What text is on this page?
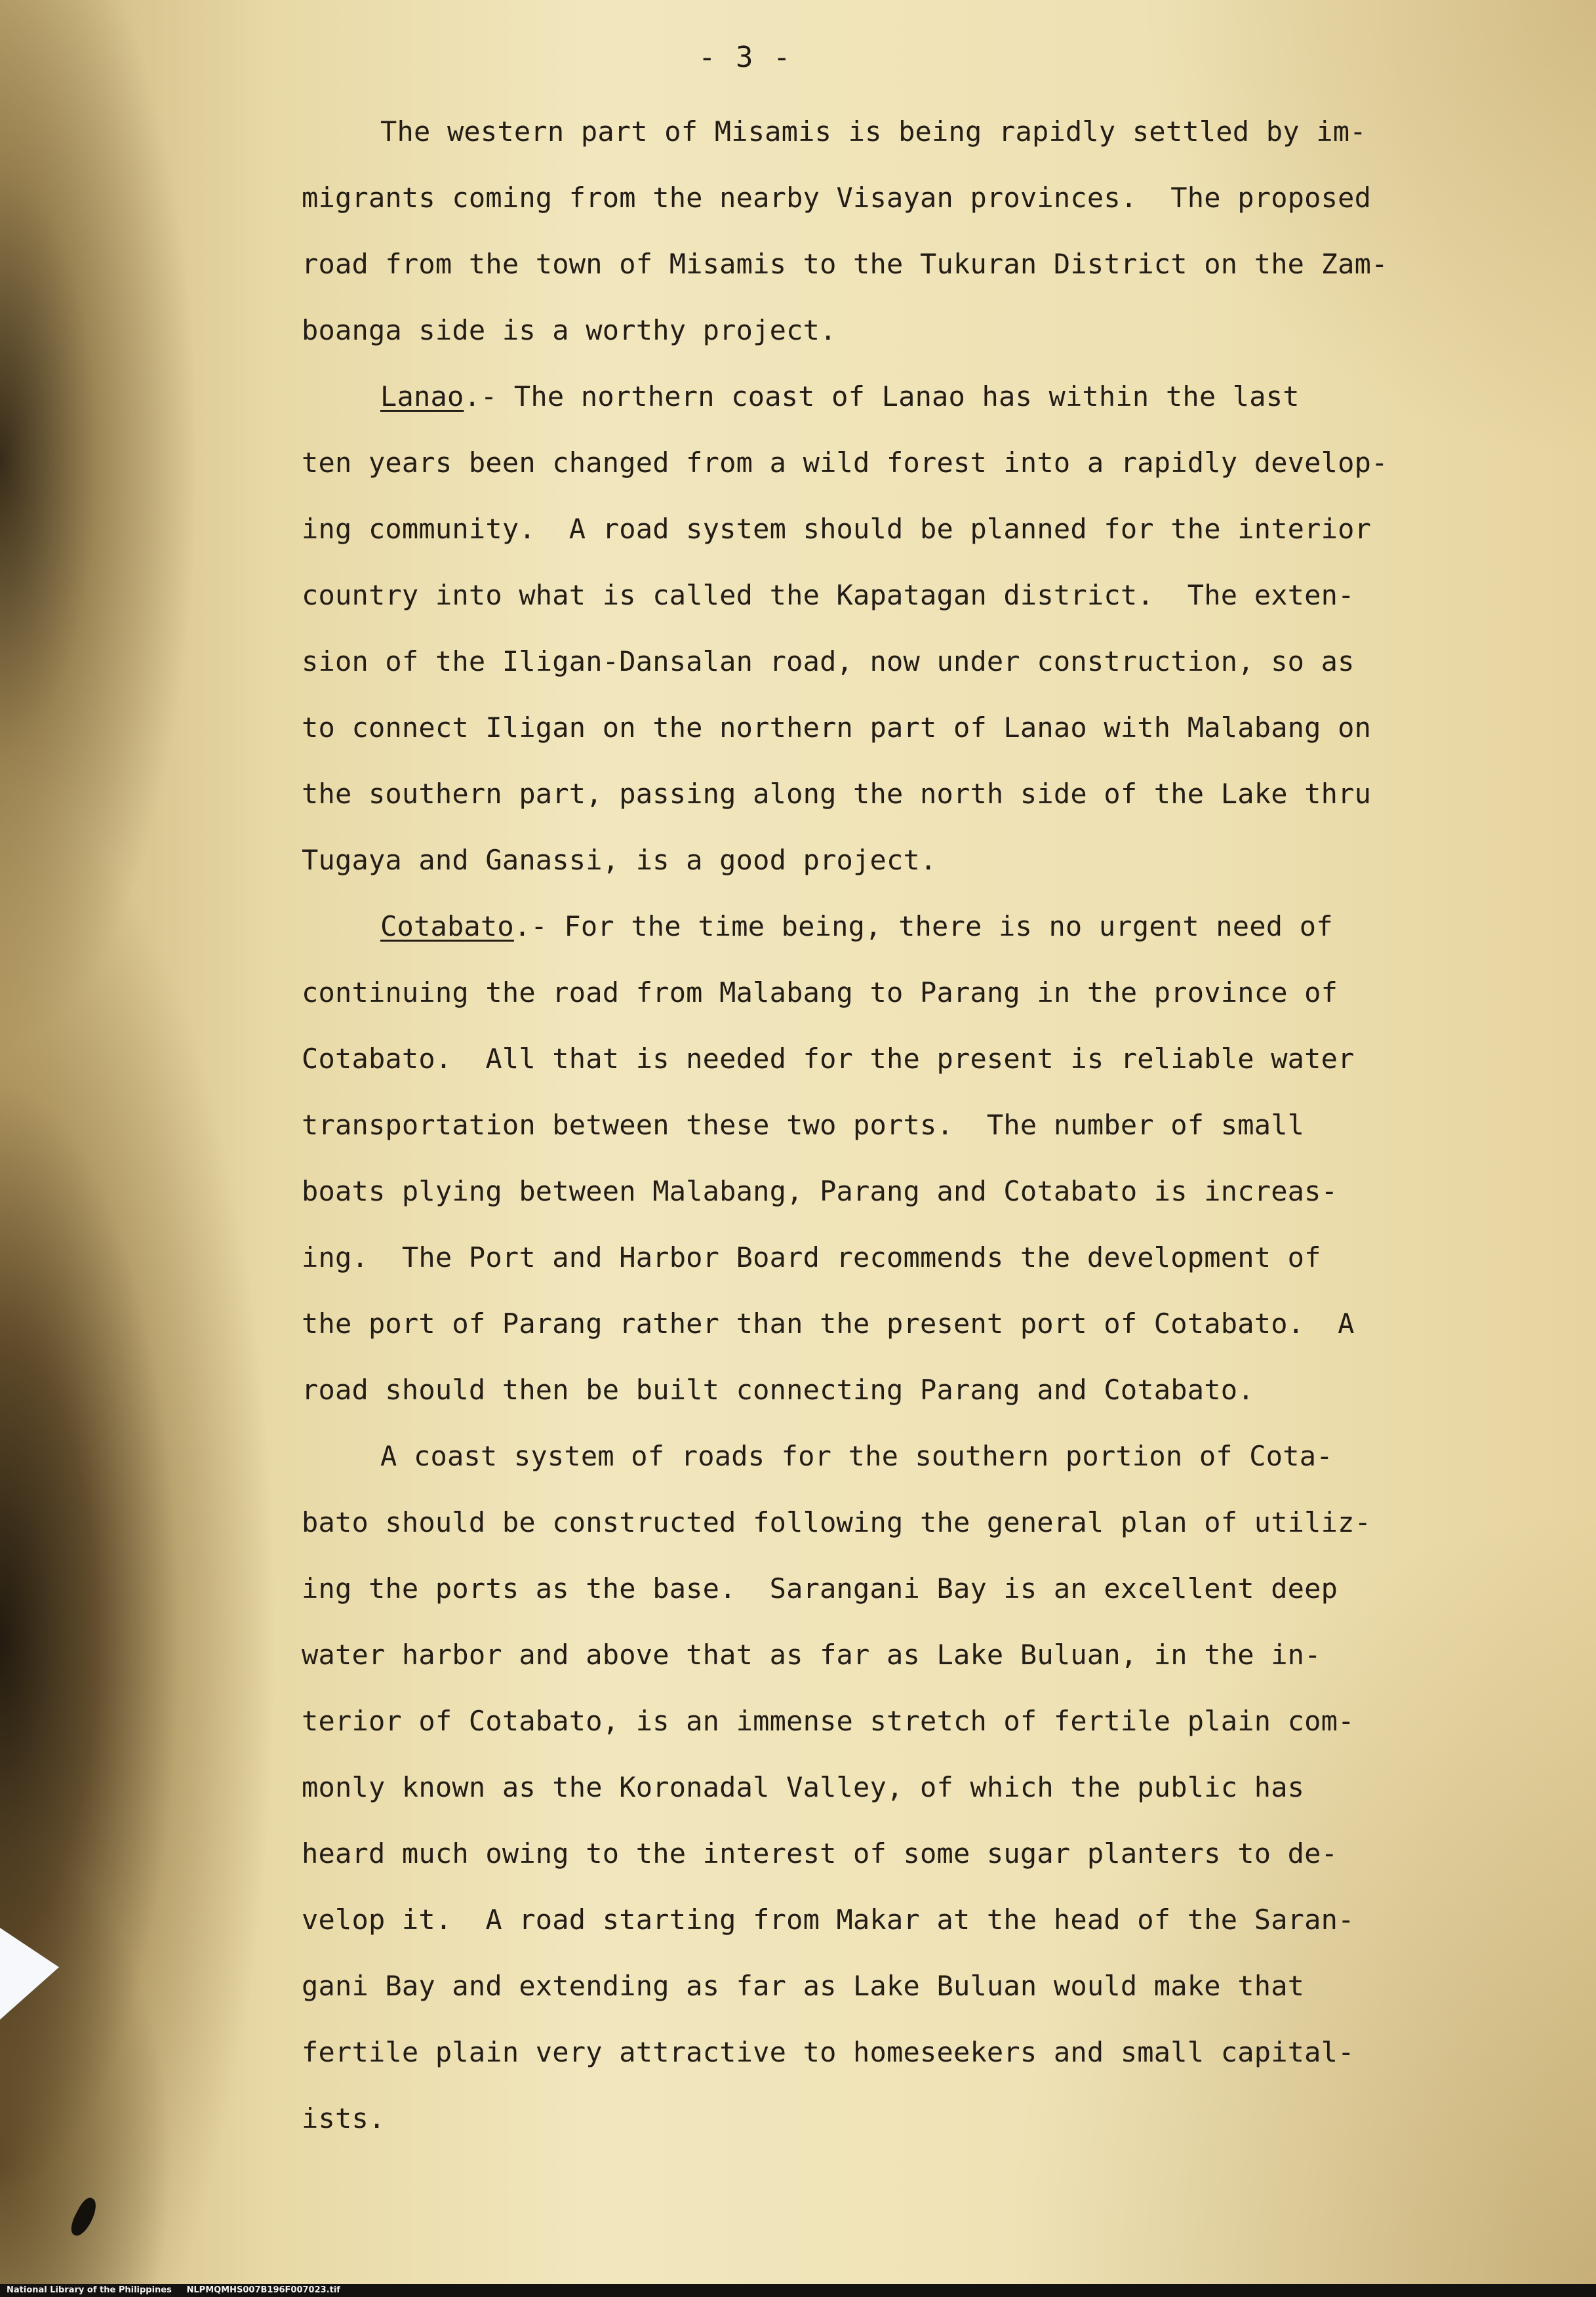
- 3 -
The western part of Misamis is being rapidly settled by im-
migrants coming from the nearby Visayan provinces.  The proposed
road from the town of Misamis to the Tukuran District on the Zam-
boanga side is a worthy project.
Lanao.- The northern coast of Lanao has within the last
ten years been changed from a wild forest into a rapidly develop-
ing community.  A road system should be planned for the interior
country into what is called the Kapatagan district.  The exten-
sion of the Iligan-Dansalan road, now under construction, so as
to connect Iligan on the northern part of Lanao with Malabang on
the southern part, passing along the north side of the Lake thru
Tugaya and Ganassi, is a good project.
Cotabato.- For the time being, there is no urgent need of
continuing the road from Malabang to Parang in the province of
Cotabato.  All that is needed for the present is reliable water
transportation between these two ports.  The number of small
boats plying between Malabang, Parang and Cotabato is increas-
ing.  The Port and Harbor Board recommends the development of
the port of Parang rather than the present port of Cotabato.  A
road should then be built connecting Parang and Cotabato.
A coast system of roads for the southern portion of Cota-
bato should be constructed following the general plan of utiliz-
ing the ports as the base.  Sarangani Bay is an excellent deep
water harbor and above that as far as Lake Buluan, in the in-
terior of Cotabato, is an immense stretch of fertile plain com-
monly known as the Koronadal Valley, of which the public has
heard much owing to the interest of some sugar planters to de-
velop it.  A road starting from Makar at the head of the Saran-
gani Bay and extending as far as Lake Buluan would make that
fertile plain very attractive to homeseekers and small capital-
ists.
National Library of the Philippines NLPMQMHS007B196F007023.tif
